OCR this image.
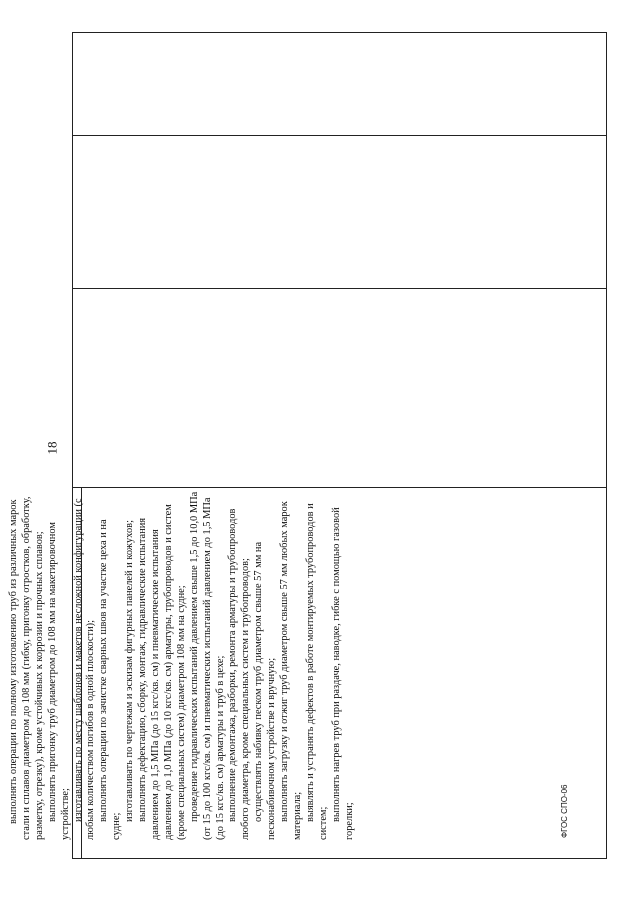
18

выполнять операции по полному изготовлению труб из различных марок стали и сплавов диаметром до 108 мм (гибку, пригонку отростков, обработку, разметку, отрезку), кроме устойчивых к коррозии и прочных сплавов; выполнять пригонку труб диаметром до 108 мм на макетировочном устройстве; изготавливать по месту шаблонов и макетов несложной конфигурации (с любым количеством погибов в одной плоскости); выполнять операции по зачистке сварных швов на участке цеха и на судне;

изготавливать по чертежам и эскизам фигурных панелей и кожухов; выполнять дефектацию, сборку, монтаж, гидравлические испытания давлением до 1,5 МПа (до 15 кгс/кв. см) и пневматические испытания давлением до 1,0 МПа (до 10 кгс/кв. см) арматуры, трубопроводов и систем (кроме специальных систем) диаметром 108 мм на судне; проведение гидравлических испытаний давлением свыше 1,5 до 10,0 МПа (от 15 до 100 кгс/кв. см) и пневматических испытаний давлением до 1,5 МПа (до 15 кгс/кв. см) арматуры и труб в цехе; выполнение демонтажа, разборки, ремонта арматуры и трубопроводов любого диаметра, кроме специальных систем и трубопроводов; осуществлять набивку песком труб диаметром свыше 57 мм на песконабивочном устройстве и вручную; выполнять загрузку и отжиг труб диаметром свыше 57 мм любых марок материала; выявлять и устранять дефектов в работе монтируемых трубопроводов и систем;

выполнять нагрев труб при раздаче, наводке, гибке с помощью газовой горелки;	ФГОС СПО-06
